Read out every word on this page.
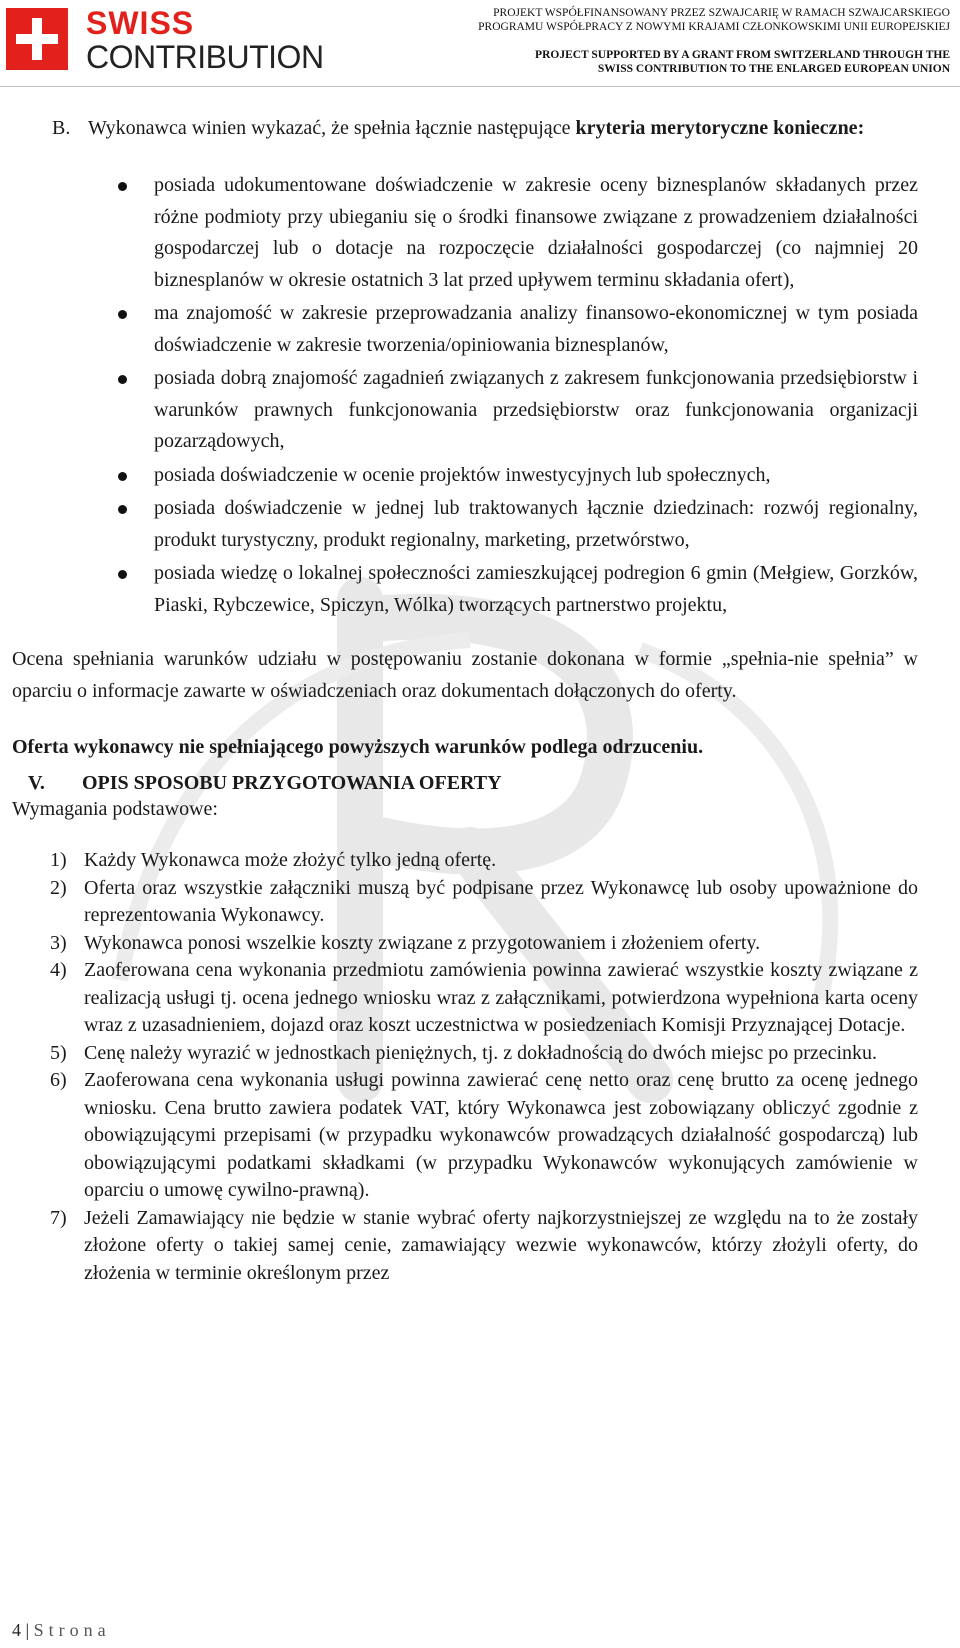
SWISS
CONTRIBUTION
PROJEKT WSPÓŁFINANSOWANY PRZEZ SZWAJCARIĘ W RAMACH SZWAJCARSKIEGO
PROGRAMU WSPÓŁPRACY Z NOWYMI KRAJAMI CZŁONKOWSKIMI UNII EUROPEJSKIEJ
PROJECT SUPPORTED BY A GRANT FROM SWITZERLAND THROUGH THE
SWISS CONTRIBUTION TO THE ENLARGED EUROPEAN UNION

B. Wykonawca winien wykazać, że spełnia łącznie następujące kryteria merytoryczne konieczne:

posiada udokumentowane doświadczenie w zakresie oceny biznesplanów składanych przez różne podmioty przy ubieganiu się o środki finansowe związane z prowadzeniem działalności gospodarczej lub o dotacje na rozpoczęcie działalności gospodarczej (co najmniej 20 biznesplanów w okresie ostatnich 3 lat przed upływem terminu składania ofert),
ma znajomość w zakresie przeprowadzania analizy finansowo-ekonomicznej w tym posiada doświadczenie w zakresie tworzenia/opiniowania biznesplanów,
posiada dobrą znajomość zagadnień związanych z zakresem funkcjonowania przedsiębiorstw i warunków prawnych funkcjonowania przedsiębiorstw oraz funkcjonowania organizacji pozarządowych,
posiada doświadczenie w ocenie projektów inwestycyjnych lub społecznych,
posiada doświadczenie w jednej lub traktowanych łącznie dziedzinach: rozwój regionalny, produkt turystyczny, produkt regionalny, marketing, przetwórstwo,
posiada wiedzę o lokalnej społeczności zamieszkującej podregion 6 gmin (Mełgiew, Gorzków, Piaski, Rybczewice, Spiczyn, Wólka) tworzących partnerstwo projektu,

Ocena spełniania warunków udziału w postępowaniu zostanie dokonana w formie „spełnia-nie spełnia” w oparciu o informacje zawarte w oświadczeniach oraz dokumentach dołączonych do oferty.

Oferta wykonawcy nie spełniającego powyższych warunków podlega odrzuceniu.

V. OPIS SPOSOBU PRZYGOTOWANIA OFERTY

Wymagania podstawowe:

1) Każdy Wykonawca może złożyć tylko jedną ofertę.
2) Oferta oraz wszystkie załączniki muszą być podpisane przez Wykonawcę lub osoby upoważnione do reprezentowania Wykonawcy.
3) Wykonawca ponosi wszelkie koszty związane z przygotowaniem i złożeniem oferty.
4) Zaoferowana cena wykonania przedmiotu zamówienia powinna zawierać wszystkie koszty związane z realizacją usługi tj. ocena jednego wniosku wraz z załącznikami, potwierdzona wypełniona karta oceny wraz z uzasadnieniem, dojazd oraz koszt uczestnictwa w posiedzeniach Komisji Przyznającej Dotacje.
5) Cenę należy wyrazić w jednostkach pieniężnych, tj. z dokładnością do dwóch miejsc po przecinku.
6) Zaoferowana cena wykonania usługi powinna zawierać cenę netto oraz cenę brutto za ocenę jednego wniosku. Cena brutto zawiera podatek VAT, który Wykonawca jest zobowiązany obliczyć zgodnie z obowiązującymi przepisami (w przypadku wykonawców prowadzących działalność gospodarczą) lub obowiązującymi podatkami składkami (w przypadku Wykonawców wykonujących zamówienie w oparciu o umowę cywilno-prawną).
7) Jeżeli Zamawiający nie będzie w stanie wybrać oferty najkorzystniejszej ze względu na to że zostały złożone oferty o takiej samej cenie, zamawiający wezwie wykonawców, którzy złożyli oferty, do złożenia w terminie określonym przez
4 | Strona
